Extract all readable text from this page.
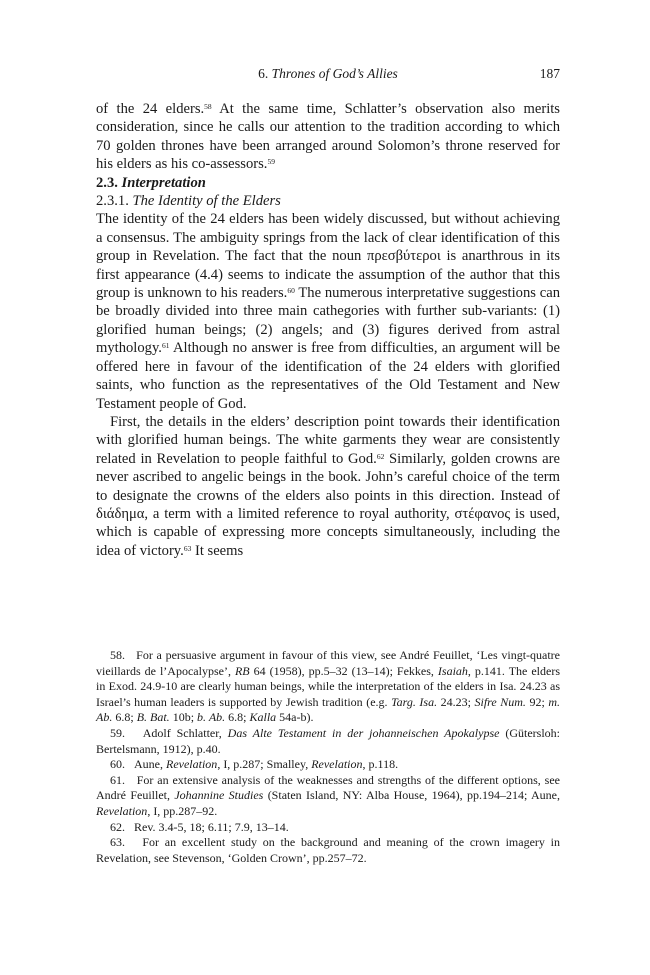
6. Thrones of God’s Allies	187

of the 24 elders.$^{58}$ At the same time, Schlatter’s observation also merits consideration, since he calls our attention to the tradition according to which 70 golden thrones have been arranged around Solomon’s throne reserved for his elders as his co-assessors.$^{59}$

2.3. Interpretation

2.3.1. The Identity of the Elders

The identity of the 24 elders has been widely discussed, but without achieving a consensus. The ambiguity springs from the lack of clear identification of this group in Revelation. The fact that the noun πρεσβύτεροι is anarthrous in its first appearance (4.4) seems to indicate the assumption of the author that this group is unknown to his readers.$^{60}$ The numerous interpretative suggestions can be broadly divided into three main cathegories with further sub-variants: (1) glorified human beings; (2) angels; and (3) figures derived from astral mythology.$^{61}$ Although no answer is free from difficulties, an argument will be offered here in favour of the identification of the 24 elders with glorified saints, who function as the representatives of the Old Testament and New Testament people of God.

First, the details in the elders’ description point towards their identification with glorified human beings. The white garments they wear are consistently related in Revelation to people faithful to God.$^{62}$ Similarly, golden crowns are never ascribed to angelic beings in the book. John’s careful choice of the term to designate the crowns of the elders also points in this direction. Instead of διάδημα, a term with a limited reference to royal authority, στέφανος is used, which is capable of expressing more concepts simultaneously, including the idea of victory.$^{63}$ It seems

58. For a persuasive argument in favour of this view, see André Feuillet, ‘Les vingt-quatre vieillards de l’Apocalypse’, RB 64 (1958), pp.5–32 (13–14); Fekkes, Isaiah, p.141. The elders in Exod. 24.9-10 are clearly human beings, while the interpretation of the elders in Isa. 24.23 as Israel’s human leaders is supported by Jewish tradition (e.g. Targ. Isa. 24.23; Sifre Num. 92; m. Ab. 6.8; B. Bat. 10b; b. Ab. 6.8; Kalla 54a-b).

59. Adolf Schlatter, Das Alte Testament in der johanneischen Apokalypse (Gütersloh: Bertelsmann, 1912), p.40.

60. Aune, Revelation, I, p.287; Smalley, Revelation, p.118.

61. For an extensive analysis of the weaknesses and strengths of the different options, see André Feuillet, Johannine Studies (Staten Island, NY: Alba House, 1964), pp.194–214; Aune, Revelation, I, pp.287–92.

62. Rev. 3.4-5, 18; 6.11; 7.9, 13–14.

63. For an excellent study on the background and meaning of the crown imagery in Revelation, see Stevenson, ‘Golden Crown’, pp.257–72.
